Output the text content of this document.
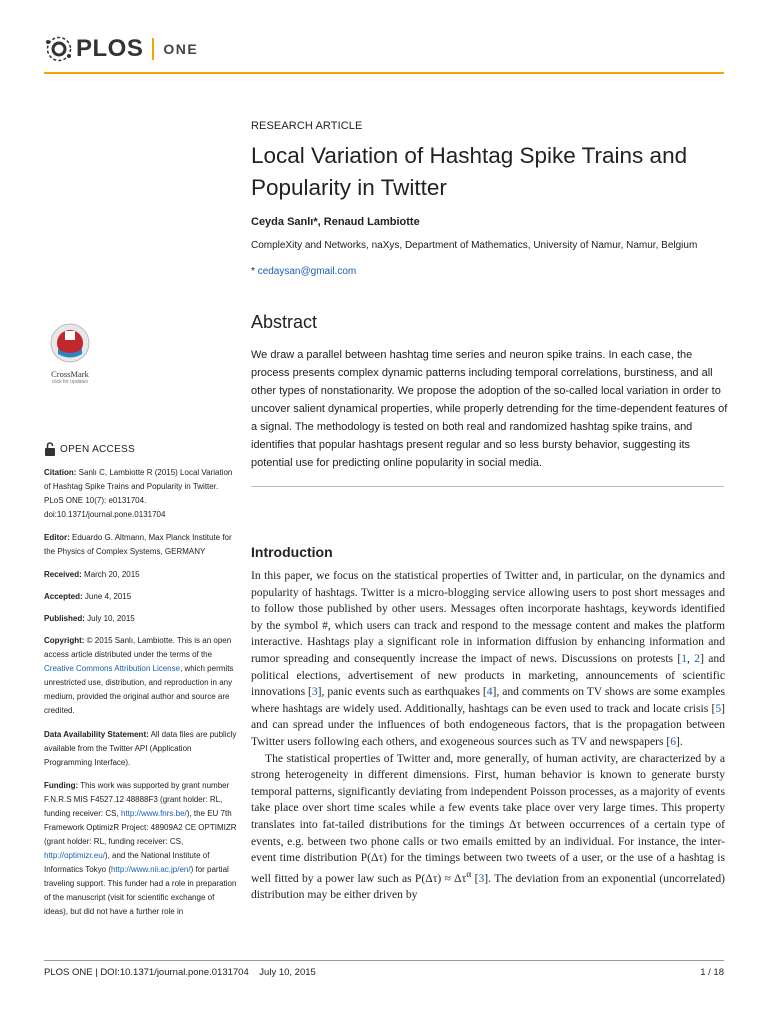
PLOS ONE
RESEARCH ARTICLE
Local Variation of Hashtag Spike Trains and Popularity in Twitter
Ceyda Sanlı*, Renaud Lambiotte
CompleXity and Networks, naXys, Department of Mathematics, University of Namur, Namur, Belgium
* cedaysan@gmail.com
CrossMark
click for updates
Abstract
We draw a parallel between hashtag time series and neuron spike trains. In each case, the process presents complex dynamic patterns including temporal correlations, burstiness, and all other types of nonstationarity. We propose the adoption of the so-called local variation in order to uncover salient dynamical properties, while properly detrending for the time-dependent features of a signal. The methodology is tested on both real and randomized hashtag spike trains, and identifies that popular hashtags present regular and so less bursty behavior, suggesting its potential use for predicting online popularity in social media.
OPEN ACCESS
Citation: Sanlı C, Lambiotte R (2015) Local Variation of Hashtag Spike Trains and Popularity in Twitter. PLoS ONE 10(7): e0131704. doi:10.1371/journal.pone.0131704
Editor: Eduardo G. Altmann, Max Planck Institute for the Physics of Complex Systems, GERMANY
Received: March 20, 2015
Accepted: June 4, 2015
Published: July 10, 2015
Copyright: © 2015 Sanlı, Lambiotte. This is an open access article distributed under the terms of the Creative Commons Attribution License, which permits unrestricted use, distribution, and reproduction in any medium, provided the original author and source are credited.
Data Availability Statement: All data files are publicly available from the Twitter API (Application Programming Interface).
Funding: This work was supported by grant number F.N.R.S MIS F4527.12 48888F3 (grant holder: RL, funding receiver: CS, http://www.fnrs.be/), the EU 7th Framework OptimizR Project: 48909A2 CE OPTIMIZR (grant holder: RL, funding receiver: CS, http://optimizr.eu/), and the National Institute of Informatics Tokyo (http://www.nii.ac.jp/en/) for partial traveling support. This funder had a role in preparation of the manuscript (visit for scientific exchange of ideas), but did not have a further role in
Introduction

In this paper, we focus on the statistical properties of Twitter and, in particular, on the dynamics and popularity of hashtags. Twitter is a micro-blogging service allowing users to post short messages and to follow those published by other users. Messages often incorporate hashtags, keywords identified by the symbol #, which users can track and respond to the message content and makes the platform interactive. Hashtags play a significant role in information diffusion by enhancing information and rumor spreading and consequently increase the impact of news. Discussions on protests [1, 2] and political elections, advertisement of new products in marketing, announcements of scientific innovations [3], panic events such as earthquakes [4], and comments on TV shows are some examples where hashtags are widely used. Additionally, hashtags can be even used to track and locate crisis [5] and can spread under the influences of both endogeneous factors, that is the propagation between Twitter users following each others, and exogeneous sources such as TV and newspapers [6].

The statistical properties of Twitter and, more generally, of human activity, are characterized by a strong heterogeneity in different dimensions. First, human behavior is known to generate bursty temporal patterns, significantly deviating from independent Poisson processes, as a majority of events take place over short time scales while a few events take place over very large times. This property translates into fat-tailed distributions for the timings Δτ between occurrences of a certain type of events, e.g. between two phone calls or two emails emitted by an individual. For instance, the inter-event time distribution P(Δτ) for the timings between two tweets of a user, or the use of a hashtag is well fitted by a power law such as $P(\Delta\tau) \approx \Delta\tau^\alpha$ [3]. The deviation from an exponential (uncorrelated) distribution may be either driven by

PLOS ONE | DOI:10.1371/journal.pone.0131704    July 10, 2015	1 / 18
